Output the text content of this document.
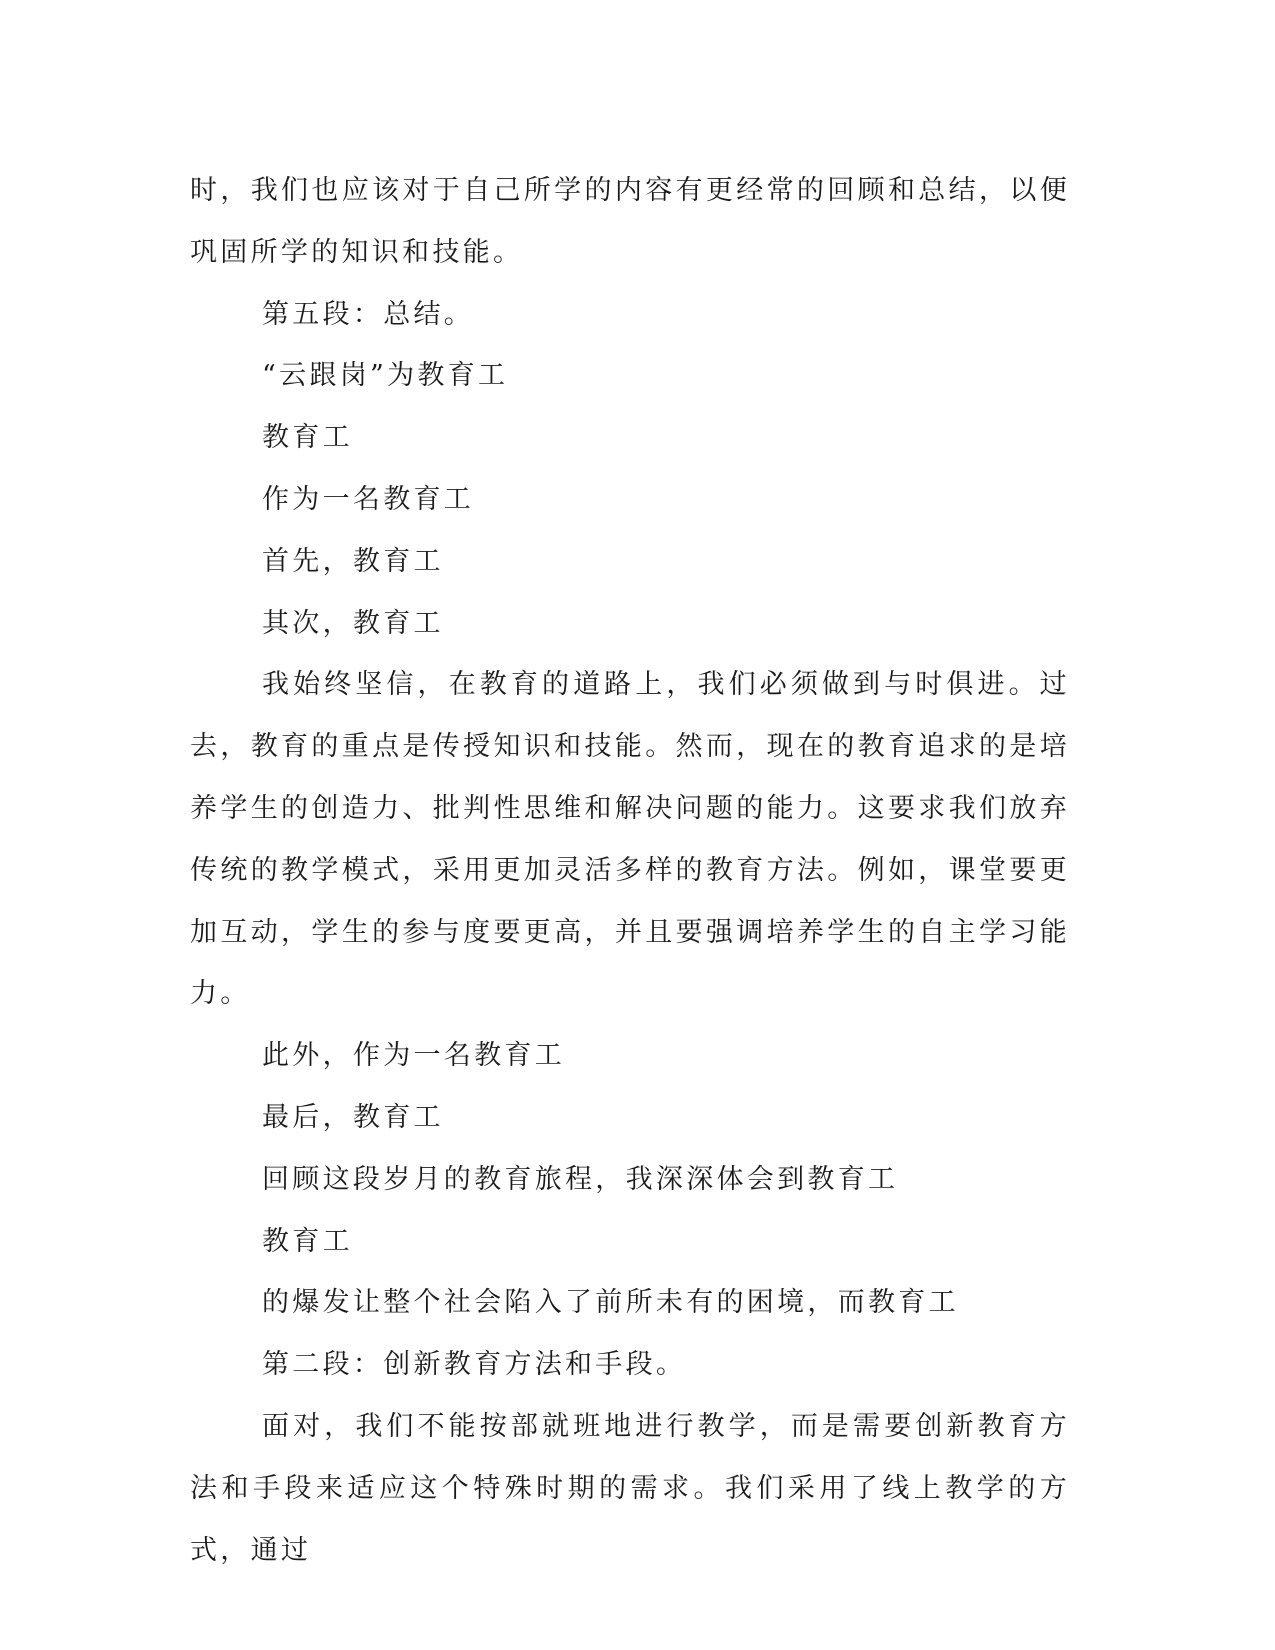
时，我们也应该对于自己所学的内容有更经常的回顾和总结，以便巩固所学的知识和技能。

第五段：总结。

“云跟岗”为教育工

教育工

作为一名教育工

首先，教育工

其次，教育工

我始终坚信，在教育的道路上，我们必须做到与时俱进。过去，教育的重点是传授知识和技能。然而，现在的教育追求的是培养学生的创造力、批判性思维和解决问题的能力。这要求我们放弃传统的教学模式，采用更加灵活多样的教育方法。例如，课堂要更加互动，学生的参与度要更高，并且要强调培养学生的自主学习能力。

此外，作为一名教育工

最后，教育工

回顾这段岁月的教育旅程，我深深体会到教育工

教育工

的爆发让整个社会陷入了前所未有的困境，而教育工

第二段：创新教育方法和手段。

面对，我们不能按部就班地进行教学，而是需要创新教育方法和手段来适应这个特殊时期的需求。我们采用了线上教学的方式，通过
